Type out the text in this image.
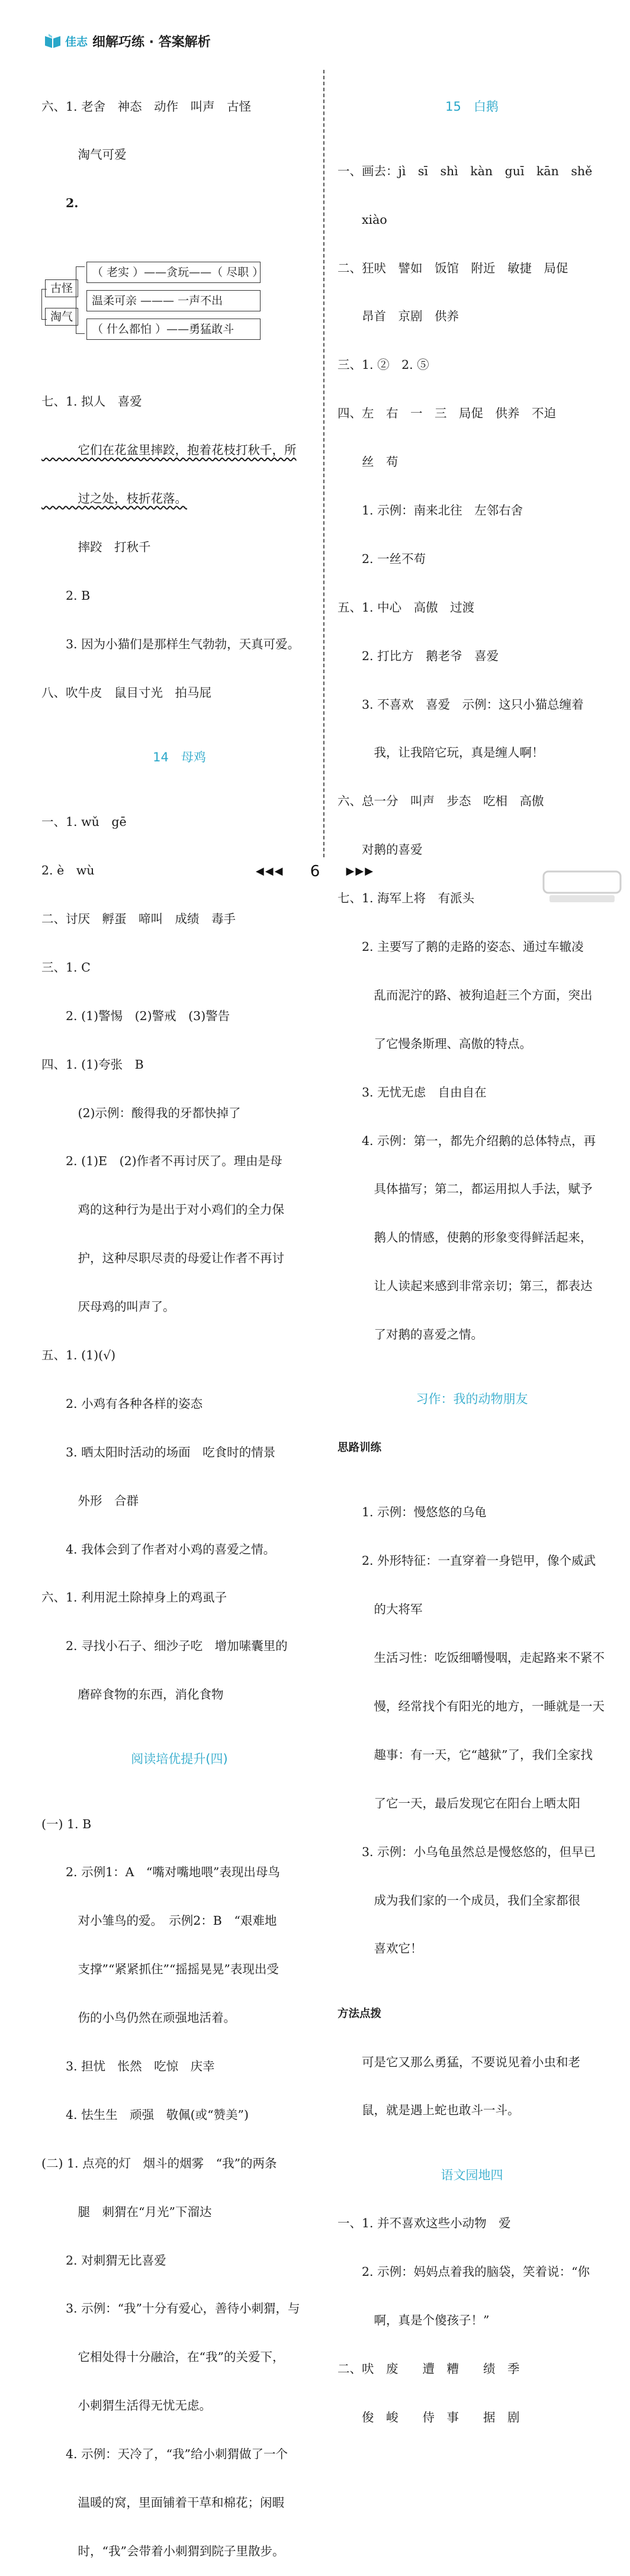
佳志 细解巧练 · 答案解析

六、1. 老舍　神态　动作　叫声　古怪

　　　淘气可爱

　　2.

古怪

淘气

（ 老实 ）——贪玩——（ 尽职 ）

温柔可亲 ——— 一声不出

（ 什么都怕 ）——勇猛敢斗

七、1. 拟人　喜爱

　　　它们在花盆里摔跤，抱着花枝打秋千，所

　　　过之处，枝折花落。

　　　摔跤　打秋千

　　2. B

　　3. 因为小猫们是那样生气勃勃，天真可爱。

八、吹牛皮　鼠目寸光　拍马屁

14　母鸡

一、1. wǔ　gē

2. è　wù

二、讨厌　孵蛋　啼叫　成绩　毒手

三、1. C

　　2. (1)警惕　(2)警戒　(3)警告

四、1. (1)夸张　B

　　　(2)示例：酸得我的牙都快掉了

　　2. (1)E　(2)作者不再讨厌了。理由是母

　　　鸡的这种行为是出于对小鸡们的全力保

　　　护，这种尽职尽责的母爱让作者不再讨

　　　厌母鸡的叫声了。

五、1. (1)(√)

　　2. 小鸡有各种各样的姿态

　　3. 晒太阳时活动的场面　吃食时的情景

　　　外形　合群

　　4. 我体会到了作者对小鸡的喜爱之情。

六、1. 利用泥土除掉身上的鸡虱子

　　2. 寻找小石子、细沙子吃　增加嗉囊里的

　　　磨碎食物的东西，消化食物

阅读培优提升(四)

(一) 1. B

　　2. 示例1：A　“嘴对嘴地喂”表现出母鸟

　　　对小雏鸟的爱。　示例2：B　“艰难地

　　　支撑”“紧紧抓住”“摇摇晃晃”表现出受

　　　伤的小鸟仍然在顽强地活着。

　　3. 担忧　怅然　吃惊　庆幸

　　4. 怯生生　顽强　敬佩(或“赞美”)

(二) 1. 点亮的灯　烟斗的烟雾　“我”的两条

　　　腿　刺猬在“月光”下溜达

　　2. 对刺猬无比喜爱

　　3. 示例：“我”十分有爱心，善待小刺猬，与

　　　它相处得十分融洽，在“我”的关爱下，

　　　小刺猬生活得无忧无虑。

　　4. 示例：天冷了，“我”给小刺猬做了一个

　　　温暖的窝，里面铺着干草和棉花；闲暇

　　　时，“我”会带着小刺猬到院子里散步。

15　白鹅

一、画去：jì　sī　shì　kàn　guī　kān　shě

　　xiào

二、狂吠　譬如　饭馆　附近　敏捷　局促

　　昂首　京剧　供养

三、1. ②　2. ⑤

四、左　右　一　三　局促　供养　不迫

　　丝　苟

　　1. 示例：南来北往　左邻右舍

　　2. 一丝不苟

五、1. 中心　高傲　过渡

　　2. 打比方　鹅老爷　喜爱

　　3. 不喜欢　喜爱　示例：这只小猫总缠着

　　　我，让我陪它玩，真是缠人啊！

六、总一分　叫声　步态　吃相　高傲

　　对鹅的喜爱

七、1. 海军上将　有派头

　　2. 主要写了鹅的走路的姿态、通过车辙凌

　　　乱而泥泞的路、被狗追赶三个方面，突出

　　　了它慢条斯理、高傲的特点。

　　3. 无忧无虑　自由自在

　　4. 示例：第一，都先介绍鹅的总体特点，再

　　　具体描写；第二，都运用拟人手法，赋予

　　　鹅人的情感，使鹅的形象变得鲜活起来，

　　　让人读起来感到非常亲切；第三，都表达

　　　了对鹅的喜爱之情。

习作：我的动物朋友

思路训练

　　1. 示例：慢悠悠的乌龟

　　2. 外形特征：一直穿着一身铠甲，像个威武

　　　的大将军

　　　生活习性：吃饭细嚼慢咽，走起路来不紧不

　　　慢，经常找个有阳光的地方，一睡就是一天

　　　趣事：有一天，它“越狱”了，我们全家找

　　　了它一天，最后发现它在阳台上晒太阳

　　3. 示例：小乌龟虽然总是慢悠悠的，但早已

　　　成为我们家的一个成员，我们全家都很

　　　喜欢它！

方法点拨

　　可是它又那么勇猛，不要说见着小虫和老

　　鼠，就是遇上蛇也敢斗一斗。

语文园地四

一、1. 并不喜欢这些小动物　爱

　　2. 示例：妈妈点着我的脑袋，笑着说：“你

　　　啊，真是个傻孩子！”

二、吠　废　　遭　糟　　绩　季

　　俊　峻　　侍　事　　据　剧

◀◀◀ 6 ▶▶▶
